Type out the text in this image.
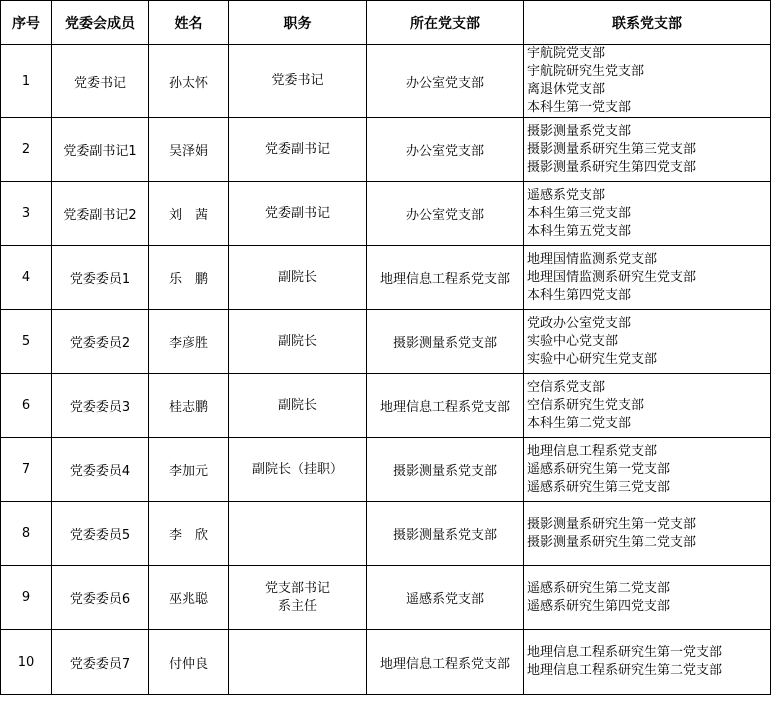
序号	党委会成员	姓名	职务	所在党支部	联系党支部
1	党委书记	孙太怀	党委书记	办公室党支部	宇航院党支部
宇航院研究生党支部
离退休党支部
本科生第一党支部

2	党委副书记1	吴泽娟	党委副书记	办公室党支部	摄影测量系党支部
摄影测量系研究生第三党支部
摄影测量系研究生第四党支部

3	党委副书记2	刘　茜	党委副书记	办公室党支部	遥感系党支部
本科生第三党支部
本科生第五党支部

4	党委委员1	乐　鹏	副院长	地理信息工程系党支部	地理国情监测系党支部
地理国情监测系研究生党支部
本科生第四党支部

5	党委委员2	李彦胜	副院长	摄影测量系党支部	党政办公室党支部
实验中心党支部
实验中心研究生党支部

6	党委委员3	桂志鹏	副院长	地理信息工程系党支部	空信系党支部
空信系研究生党支部
本科生第二党支部

7	党委委员4	李加元	副院长（挂职）	摄影测量系党支部	地理信息工程系党支部
遥感系研究生第一党支部
遥感系研究生第三党支部

8	党委委员5	李　欣		摄影测量系党支部	摄影测量系研究生第一党支部
摄影测量系研究生第二党支部

9	党委委员6	巫兆聪	党支部书记
系主任	遥感系党支部	遥感系研究生第二党支部
遥感系研究生第四党支部

10	党委委员7	付仲良		地理信息工程系党支部	地理信息工程系研究生第一党支部
地理信息工程系研究生第二党支部
